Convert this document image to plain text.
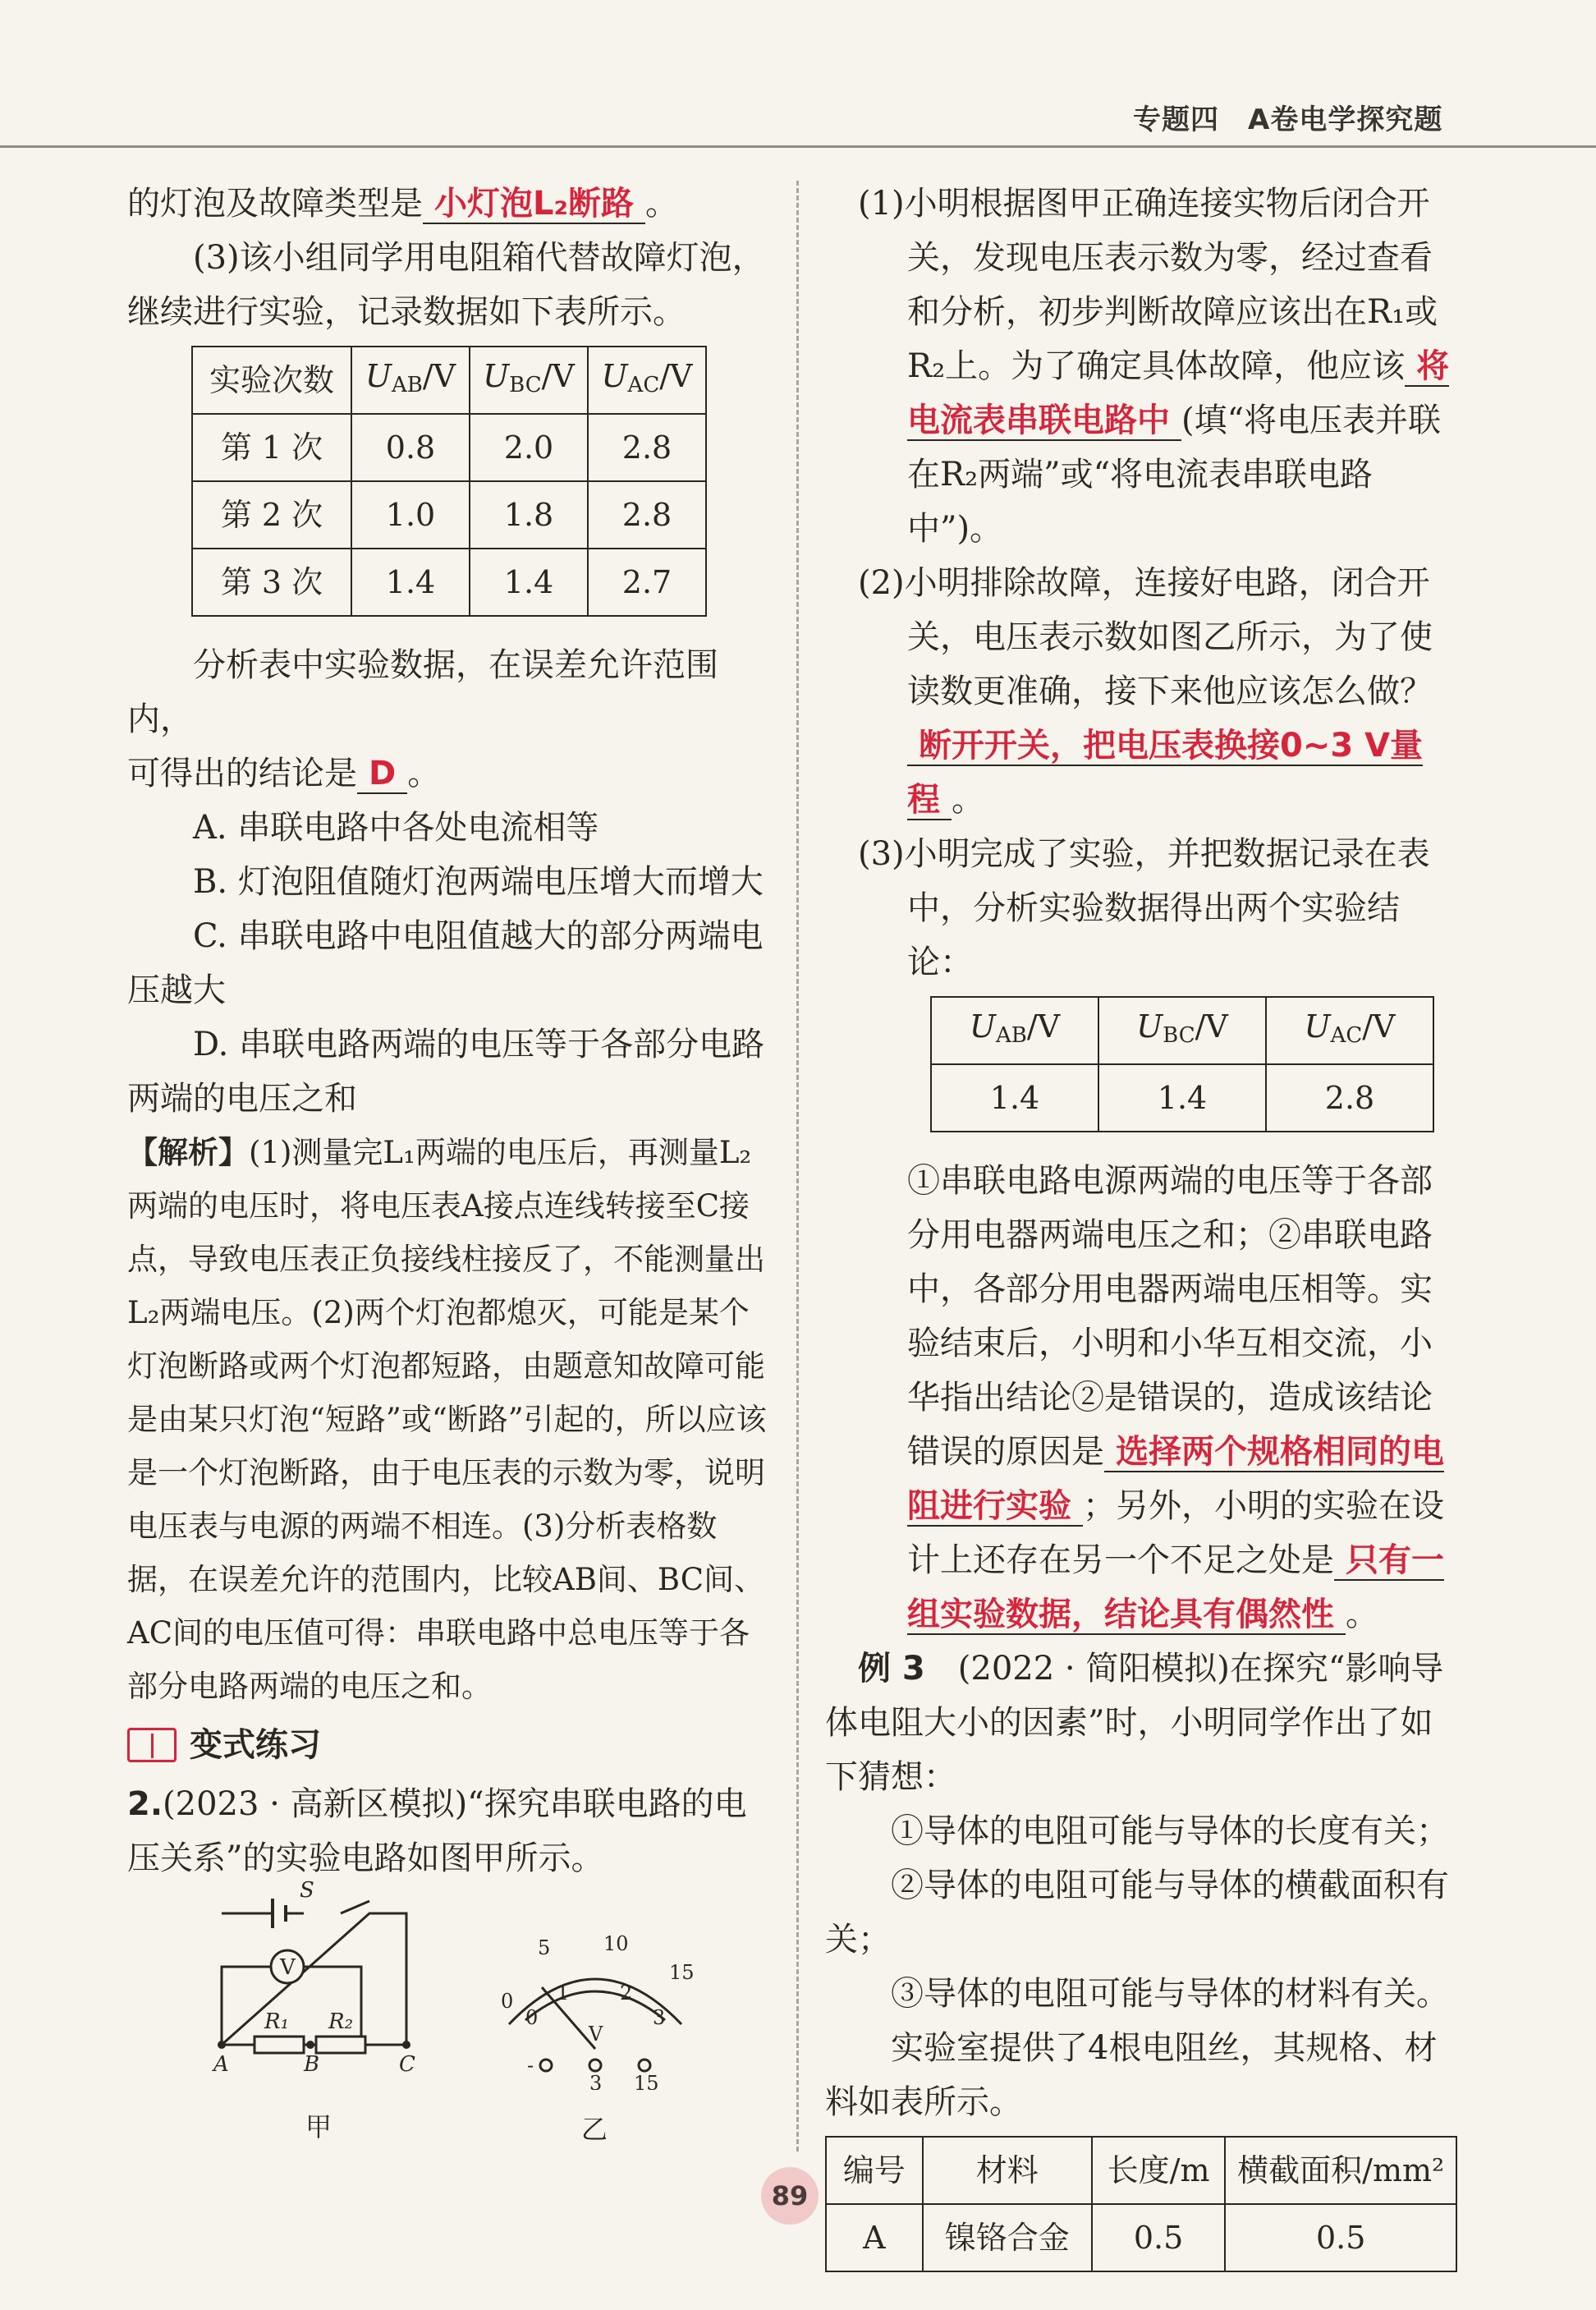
专题四　A卷电学探究题

的灯泡及故障类型是 小灯泡L₂断路 。

(3)该小组同学用电阻箱代替故障灯泡，继续进行实验，记录数据如下表所示。

实验次数	$U_{AB}/V$	$U_{BC}/V$	$U_{AC}/V$
第 1 次	0.8	2.0	2.8
第 2 次	1.0	1.8	2.8
第 3 次	1.4	1.4	2.7

分析表中实验数据，在误差允许范围内，

可得出的结论是 D 。

A. 串联电路中各处电流相等

B. 灯泡阻值随灯泡两端电压增大而增大

C. 串联电路中电阻值越大的部分两端电压越大

D. 串联电路两端的电压等于各部分电路两端的电压之和

【解析】(1)测量完L₁两端的电压后，再测量L₂两端的电压时，将电压表A接点连线转接至C接点，导致电压表正负接线柱接反了，不能测量出L₂两端电压。(2)两个灯泡都熄灭，可能是某个灯泡断路或两个灯泡都短路，由题意知故障可能是由某只灯泡“短路”或“断路”引起的，所以应该是一个灯泡断路，由于电压表的示数为零，说明电压表与电源的两端不相连。(3)分析表格数据，在误差允许的范围内，比较AB间、BC间、AC间的电压值可得：串联电路中总电压等于各部分电路两端的电压之和。

变式练习

2.(2023 · 高新区模拟)“探究串联电路的电压关系”的实验电路如图甲所示。

S
V
R₁ R₂
A	B	C
甲
0
5	10
15
0
1	2
3
V
-
3 15
乙

(1)小明根据图甲正确连接实物后闭合开关，发现电压表示数为零，经过查看和分析，初步判断故障应该出在R₁或R₂上。为了确定具体故障，他应该 将电流表串联电路中 (填“将电压表并联在R₂两端”或“将电流表串联电路中”)。

(2)小明排除故障，连接好电路，闭合开关，电压表示数如图乙所示，为了使读数更准确，接下来他应该怎么做？断开开关，把电压表换接0~3 V量程 。

(3)小明完成了实验，并把数据记录在表中，分析实验数据得出两个实验结论：

$U_{AB}/V$	$U_{BC}/V$	$U_{AC}/V$
1.4	1.4	2.8

①串联电路电源两端的电压等于各部分用电器两端电压之和；②串联电路中，各部分用电器两端电压相等。实验结束后，小明和小华互相交流，小华指出结论②是错误的，造成该结论错误的原因是 选择两个规格相同的电阻进行实验 ；另外，小明的实验在设计上还存在另一个不足之处是 只有一组实验数据，结论具有偶然性 。

例 3　 (2022 · 简阳模拟)在探究“影响导体电阻大小的因素”时，小明同学作出了如下猜想：

①导体的电阻可能与导体的长度有关；

②导体的电阻可能与导体的横截面积有关；

③导体的电阻可能与导体的材料有关。

实验室提供了4根电阻丝，其规格、材料如表所示。

编号	材料	长度/m	横截面积/mm²
A	镍铬合金	0.5	0.5
89
